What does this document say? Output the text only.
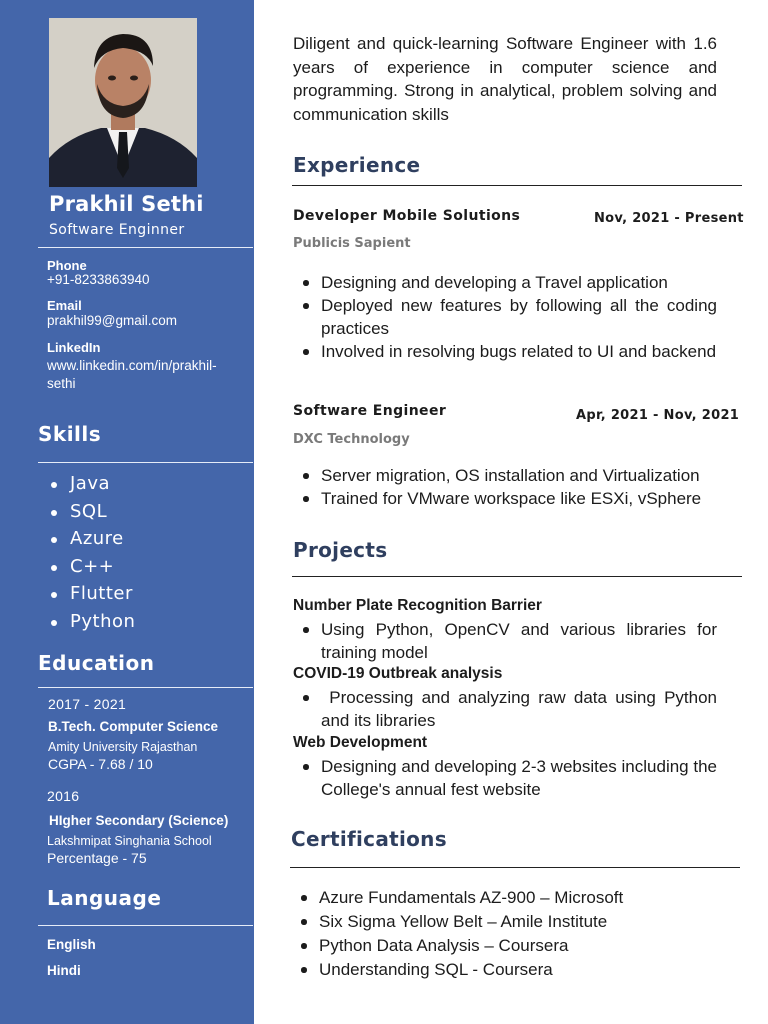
Prakhil Sethi
Software Enginner
Phone
+91-8233863940
Email
prakhil99@gmail.com
LinkedIn
www.linkedin.com/in/prakhil-
sethi
Skills
Java
SQL
Azure
C++
Flutter
Python
Education
2017 - 2021
B.Tech. Computer Science
Amity University Rajasthan
CGPA - 7.68 / 10
2016
HIgher Secondary (Science)
Lakshmipat Singhania School
Percentage - 75
Language
English
Hindi

Diligent and quick-learning Software Engineer with 1.6 years of experience in computer science and programming. Strong in analytical, problem solving and communication skills

Experience
Developer Mobile Solutions	Nov, 2021 - Present
Publicis Sapient
Designing and developing a Travel application
Deployed new features by following all the coding practices
Involved in resolving bugs related to UI and backend
Software Engineer	Apr, 2021 - Nov, 2021
DXC Technology
Server migration, OS installation and Virtualization
Trained for VMware workspace like ESXi, vSphere
Projects
Number Plate Recognition Barrier
Using Python, OpenCV and various libraries for training model
COVID-19 Outbreak analysis
Processing and analyzing raw data using Python and its libraries
Web Development
Designing and developing 2-3 websites including the College's annual fest website
Certifications
Azure Fundamentals AZ-900 – Microsoft
Six Sigma Yellow Belt – Amile Institute
Python Data Analysis – Coursera
Understanding SQL - Coursera
